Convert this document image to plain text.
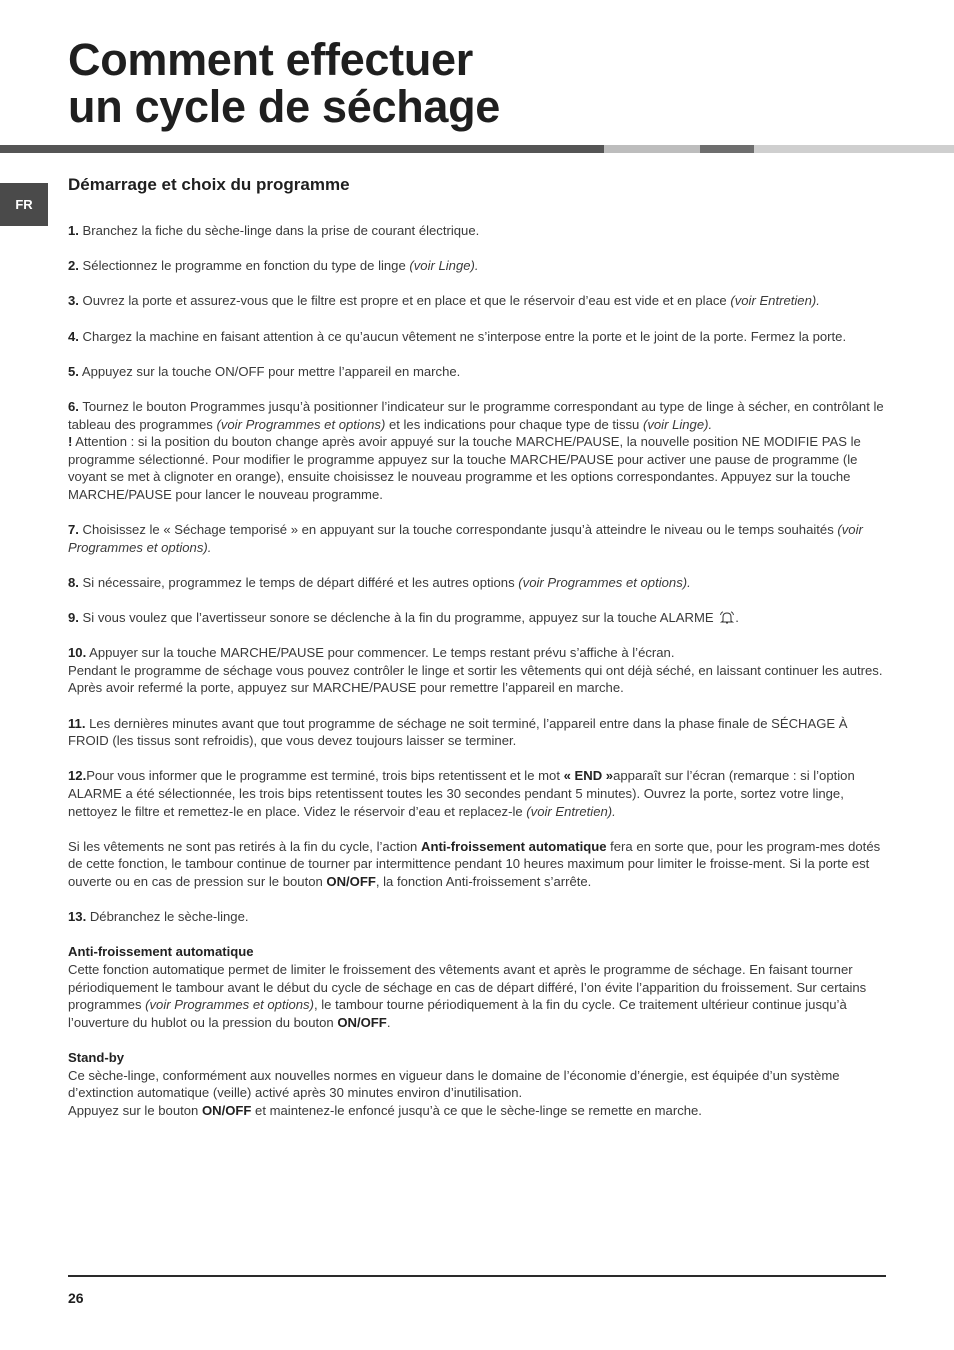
Comment effectuer
un cycle de séchage
FR
Démarrage et choix du programme

1. Branchez la fiche du sèche-linge dans la prise de courant électrique.

2. Sélectionnez le programme en fonction du type de linge (voir Linge).

3. Ouvrez la porte et assurez-vous que le filtre est propre et en place et que le réservoir d’eau est vide et en place (voir Entretien).

4. Chargez la machine en faisant attention à ce qu’aucun vêtement ne s’interpose entre la porte et le joint de la porte. Fermez la porte.

5. Appuyez sur la touche ON/OFF pour mettre l’appareil en marche.

6. Tournez le bouton Programmes jusqu’à positionner l’indicateur sur le programme correspondant au type de linge à sécher, en contrôlant le tableau des programmes (voir Programmes et options) et les indications pour chaque type de tissu (voir Linge).
! Attention : si la position du bouton change après avoir appuyé sur la touche MARCHE/PAUSE, la nouvelle position NE MODIFIE PAS le programme sélectionné. Pour modifier le programme appuyez sur la touche MARCHE/PAUSE pour activer une pause de programme (le voyant se met à clignoter en orange), ensuite choisissez le nouveau programme et les options correspondantes. Appuyez sur la touche MARCHE/PAUSE pour lancer le nouveau programme.

7. Choisissez le « Séchage temporisé » en appuyant sur la touche correspondante jusqu’à atteindre le niveau ou le temps souhaités (voir Programmes et options).

8. Si nécessaire, programmez le temps de départ différé et les autres options (voir Programmes et options).

9. Si vous voulez que l’avertisseur sonore se déclenche à la fin du programme, appuyez sur la touche ALARME .

10. Appuyer sur la touche MARCHE/PAUSE pour commencer. Le temps restant prévu s’affiche à l’écran.
Pendant le programme de séchage vous pouvez contrôler le linge et sortir les vêtements qui ont déjà séché, en laissant continuer les autres. Après avoir refermé la porte, appuyez sur MARCHE/PAUSE pour remettre l’appareil en marche.

11. Les dernières minutes avant que tout programme de séchage ne soit terminé, l’appareil entre dans la phase finale de SÉCHAGE À FROID (les tissus sont refroidis), que vous devez toujours laisser se terminer.

12.Pour vous informer que le programme est terminé, trois bips retentissent et le mot « END »apparaît sur l’écran (remarque : si l’option ALARME a été sélectionnée, les trois bips retentissent toutes les 30 secondes pendant 5 minutes). Ouvrez la porte, sortez votre linge, nettoyez le filtre et remettez-le en place. Videz le réservoir d’eau et replacez-le (voir Entretien).

Si les vêtements ne sont pas retirés à la fin du cycle, l’action Anti-froissement automatique fera en sorte que, pour les program-mes dotés de cette fonction, le tambour continue de tourner par intermittence pendant 10 heures maximum pour limiter le froisse-ment. Si la porte est ouverte ou en cas de pression sur le bouton ON/OFF, la fonction Anti-froissement s’arrête.

13. Débranchez le sèche-linge.

Anti-froissement automatique
Cette fonction automatique permet de limiter le froissement des vêtements avant et après le programme de séchage. En faisant tourner périodiquement le tambour avant le début du cycle de séchage en cas de départ différé, l’on évite l’apparition du froissement. Sur certains programmes (voir Programmes et options), le tambour tourne périodiquement à la fin du cycle. Ce traitement ultérieur continue jusqu’à l’ouverture du hublot ou la pression du bouton ON/OFF.

Stand-by
Ce sèche-linge, conformément aux nouvelles normes en vigueur dans le domaine de l’économie d’énergie, est équipée d’un système d’extinction automatique (veille) activé après 30 minutes environ d’inutilisation.
Appuyez sur le bouton ON/OFF et maintenez-le enfoncé jusqu’à ce que le sèche-linge se remette en marche.

26
